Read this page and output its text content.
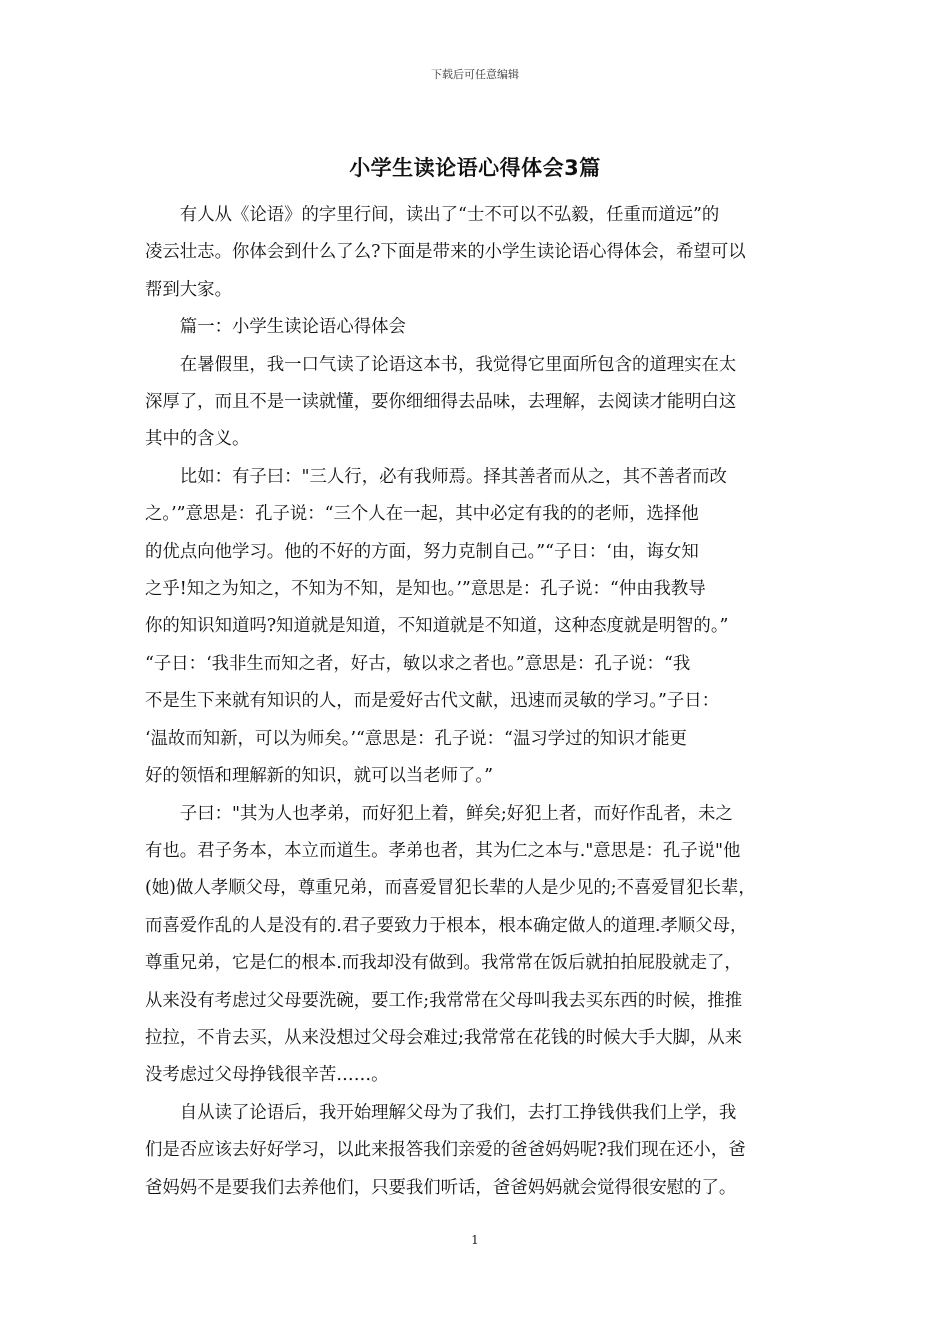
下载后可任意编辑
小学生读论语心得体会3篇

有人从《论语》的字里行间，读出了“士不可以不弘毅，任重而道远”的
凌云壮志。你体会到什么了么?下面是带来的小学生读论语心得体会，希望可以
帮到大家。

篇一：小学生读论语心得体会

在暑假里，我一口气读了论语这本书，我觉得它里面所包含的道理实在太
深厚了，而且不是一读就懂，要你细细得去品味，去理解，去阅读才能明白这
其中的含义。

比如：有子曰："三人行，必有我师焉。择其善者而从之，其不善者而改
之。’”意思是：孔子说：“三个人在一起，其中必定有我的的老师，选择他
的优点向他学习。他的不好的方面，努力克制自己。”“子日：‘由，诲女知
之乎!知之为知之，不知为不知，是知也。’”意思是：孔子说：“仲由我教导
你的知识知道吗?知道就是知道，不知道就是不知道，这种态度就是明智的。”
“子日：‘我非生而知之者，好古，敏以求之者也。”意思是：孔子说：“我
不是生下来就有知识的人，而是爱好古代文献，迅速而灵敏的学习。”子日：
‘温故而知新，可以为师矣。’“意思是：孔子说：“温习学过的知识才能更
好的领悟和理解新的知识，就可以当老师了。”

子曰："其为人也孝弟，而好犯上着，鲜矣;好犯上者，而好作乱者，未之
有也。君子务本，本立而道生。孝弟也者，其为仁之本与."意思是：孔子说"他
(她)做人孝顺父母，尊重兄弟，而喜爱冒犯长辈的人是少见的;不喜爱冒犯长辈，
而喜爱作乱的人是没有的.君子要致力于根本，根本确定做人的道理.孝顺父母，
尊重兄弟，它是仁的根本.而我却没有做到。我常常在饭后就拍拍屁股就走了，
从来没有考虑过父母要洗碗，要工作;我常常在父母叫我去买东西的时候，推推
拉拉，不肯去买，从来没想过父母会难过;我常常在花钱的时候大手大脚，从来
没考虑过父母挣钱很辛苦……。

自从读了论语后，我开始理解父母为了我们，去打工挣钱供我们上学，我
们是否应该去好好学习，以此来报答我们亲爱的爸爸妈妈呢?我们现在还小，爸
爸妈妈不是要我们去养他们，只要我们听话，爸爸妈妈就会觉得很安慰的了。

1
